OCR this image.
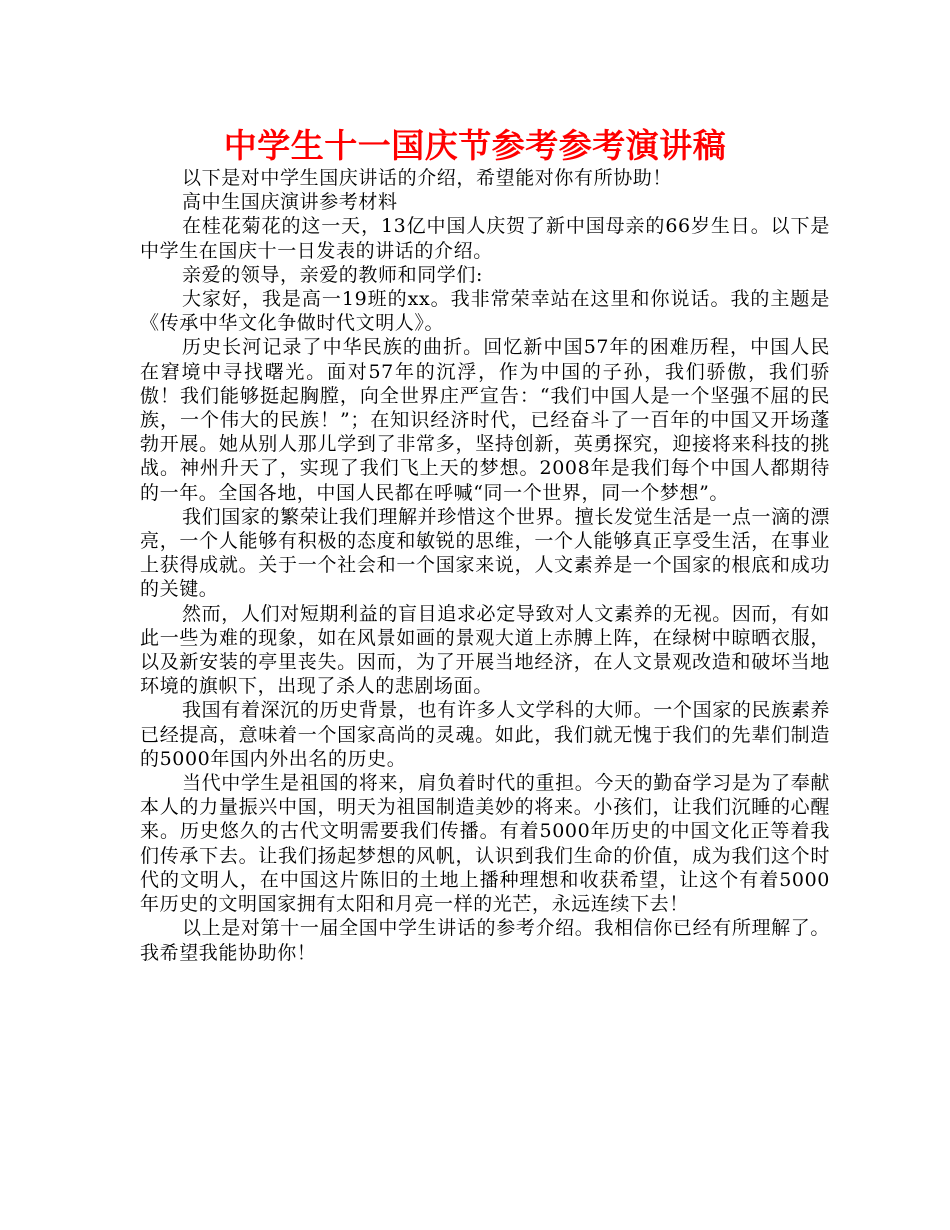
中学生十一国庆节参考参考演讲稿

以下是对中学生国庆讲话的介绍，希望能对你有所协助！

高中生国庆演讲参考材料

在桂花菊花的这一天，13亿中国人庆贺了新中国母亲的66岁生日。以下是中学生在国庆十一日发表的讲话的介绍。

亲爱的领导，亲爱的教师和同学们:

大家好，我是高一19班的xx。我非常荣幸站在这里和你说话。我的主题是《传承中华文化争做时代文明人》。

历史长河记录了中华民族的曲折。回忆新中国57年的困难历程，中国人民在窘境中寻找曙光。面对57年的沉浮，作为中国的子孙，我们骄傲，我们骄傲！我们能够挺起胸膛，向全世界庄严宣告：“我们中国人是一个坚强不屈的民族，一个伟大的民族！”；在知识经济时代，已经奋斗了一百年的中国又开场蓬勃开展。她从别人那儿学到了非常多，坚持创新，英勇探究，迎接将来科技的挑战。神州升天了，实现了我们飞上天的梦想。2008年是我们每个中国人都期待的一年。全国各地，中国人民都在呼喊“同一个世界，同一个梦想”。

我们国家的繁荣让我们理解并珍惜这个世界。擅长发觉生活是一点一滴的漂亮，一个人能够有积极的态度和敏锐的思维，一个人能够真正享受生活，在事业上获得成就。关于一个社会和一个国家来说，人文素养是一个国家的根底和成功的关键。

然而，人们对短期利益的盲目追求必定导致对人文素养的无视。因而，有如此一些为难的现象，如在风景如画的景观大道上赤膊上阵，在绿树中晾晒衣服，以及新安装的亭里丧失。因而，为了开展当地经济，在人文景观改造和破坏当地环境的旗帜下，出现了杀人的悲剧场面。

我国有着深沉的历史背景，也有许多人文学科的大师。一个国家的民族素养已经提高，意味着一个国家高尚的灵魂。如此，我们就无愧于我们的先辈们制造的5000年国内外出名的历史。

当代中学生是祖国的将来，肩负着时代的重担。今天的勤奋学习是为了奉献本人的力量振兴中国，明天为祖国制造美妙的将来。小孩们，让我们沉睡的心醒来。历史悠久的古代文明需要我们传播。有着5000年历史的中国文化正等着我们传承下去。让我们扬起梦想的风帆，认识到我们生命的价值，成为我们这个时代的文明人，在中国这片陈旧的土地上播种理想和收获希望，让这个有着5000年历史的文明国家拥有太阳和月亮一样的光芒，永远连续下去！

以上是对第十一届全国中学生讲话的参考介绍。我相信你已经有所理解了。我希望我能协助你！
